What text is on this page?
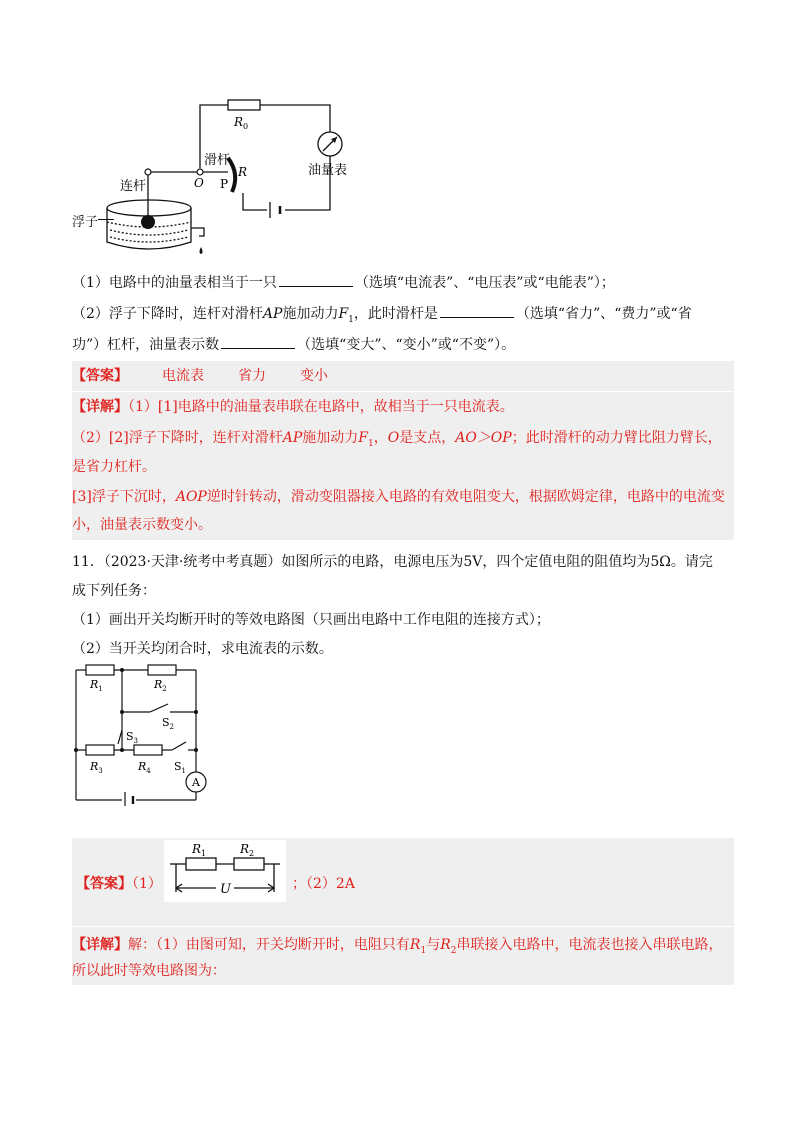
$R_0$
滑杆
O P
R
连杆
油量表
浮子
（1）电路中的油量表相当于一只	（选填“电流表”、“电压表”或“电能表”）；
（2）浮子下降时，连杆对滑杆AP施加动力$F_1$，此时滑杆是	（选填“省力”、“费力”或“省
功”）杠杆，油量表示数	（选填“变大”、“变小”或“不变”）。
【答案】 电流表 省力 变小
【详解】（1）[1]电路中的油量表串联在电路中，故相当于一只电流表。
（2）[2]浮子下降时，连杆对滑杆AP施加动力$F_1$，O是支点，AO＞OP；此时滑杆的动力臂比阻力臂长，
是省力杠杆。
[3]浮子下沉时，AOP逆时针转动，滑动变阻器接入电路的有效电阻变大，根据欧姆定律，电路中的电流变
小，油量表示数变小。
11．（2023·天津·统考中考真题）如图所示的电路，电源电压为5V，四个定值电阻的阻值均为5Ω。请完
成下列任务：
（1）画出开关均断开时的等效电路图（只画出电路中工作电阻的连接方式）；
（2）当开关均闭合时，求电流表的示数。
$R_1$	$R_2$
$S_2$
$S_3$
$R_3$	$R_4$ $S_1$
A
【答案】（1）
$R_1$	$R_2$
U	；（2）2A
【详解】解：（1）由图可知，开关均断开时，电阻只有$R_1$与$R_2$串联接入电路中，电流表也接入串联电路，
所以此时等效电路图为：
